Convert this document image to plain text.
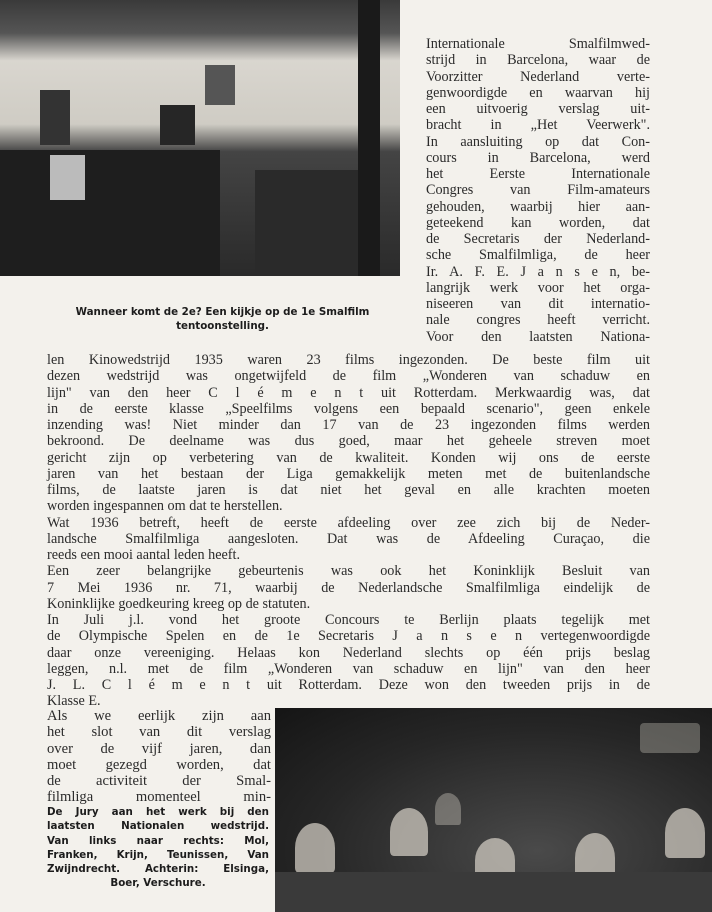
Wanneer komt de 2e? Een kijkje op de 1e Smalfilm tentoonstelling.
Internationale Smalfilmwed-
strijd in Barcelona, waar de
Voorzitter Nederland verte-
genwoordigde en waarvan hij
een uitvoerig verslag uit-
bracht in „Het Veerwerk".
In aansluiting op dat Con-
cours in Barcelona, werd
het Eerste Internationale
Congres van Film-amateurs
gehouden, waarbij hier aan-
geteekend kan worden, dat
de Secretaris der Nederland-
sche Smalfilmliga, de heer
Ir. A. F. E. J a n s e n, be-
langrijk werk voor het orga-
niseeren van dit internatio-
nale congres heeft verricht.
Voor den laatsten Nationa-
len Kinowedstrijd 1935 waren 23 films ingezonden. De beste film uit
dezen wedstrijd was ongetwijfeld de film „Wonderen van schaduw en
lijn" van den heer C l é m e n t uit Rotterdam. Merkwaardig was, dat
in de eerste klasse „Speelfilms volgens een bepaald scenario", geen enkele
inzending was! Niet minder dan 17 van de 23 ingezonden films werden
bekroond. De deelname was dus goed, maar het geheele streven moet
gericht zijn op verbetering van de kwaliteit. Konden wij ons de eerste
jaren van het bestaan der Liga gemakkelijk meten met de buitenlandsche
films, de laatste jaren is dat niet het geval en alle krachten moeten
worden ingespannen om dat te herstellen.
Wat 1936 betreft, heeft de eerste afdeeling over zee zich bij de Neder-
landsche Smalfilmliga aangesloten. Dat was de Afdeeling Curaçao, die
reeds een mooi aantal leden heeft.
Een zeer belangrijke gebeurtenis was ook het Koninklijk Besluit van
7 Mei 1936 nr. 71, waarbij de Nederlandsche Smalfilmliga eindelijk de
Koninklijke goedkeuring kreeg op de statuten.
In Juli j.l. vond het groote Concours te Berlijn plaats tegelijk met
de Olympische Spelen en de 1e Secretaris J a n s e n vertegenwoordigde
daar onze vereeniging. Helaas kon Nederland slechts op één prijs beslag
leggen, n.l. met de film „Wonderen van schaduw en lijn" van den heer
J. L. C l é m e n t uit Rotterdam. Deze won den tweeden prijs in de
Klasse E.
Als we eerlijk zijn aan
het slot van dit verslag
over de vijf jaren, dan
moet gezegd worden, dat
de activiteit der Smal-
filmliga momenteel min-
De Jury aan het werk bij den
laatsten Nationalen wedstrijd.
Van links naar rechts: Mol,
Franken, Krijn, Teunissen, Van
Zwijndrecht. Achterin: Elsinga,
Boer, Verschure.
